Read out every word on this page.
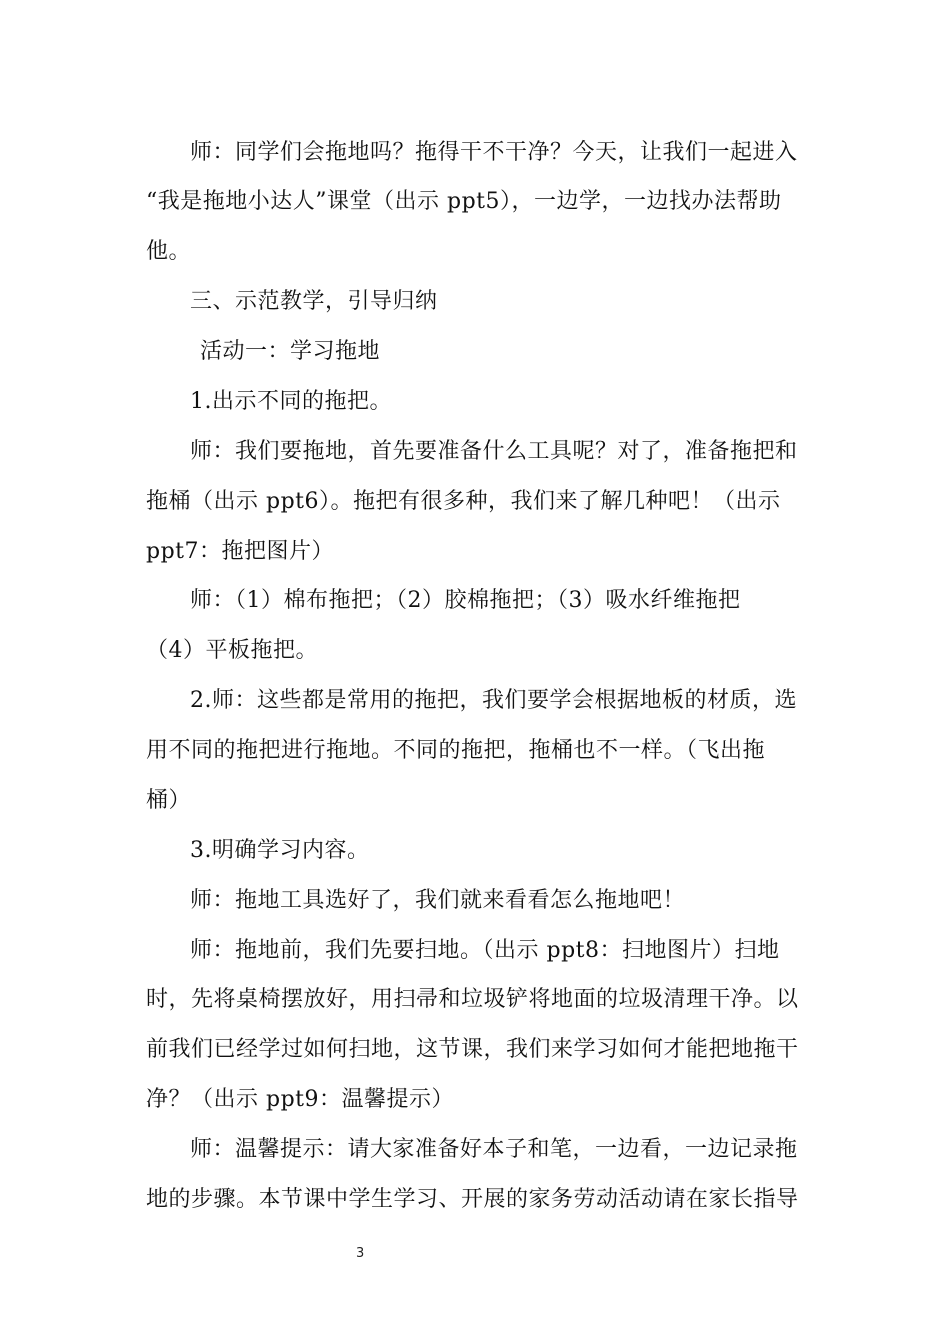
师：同学们会拖地吗？拖得干不干净？今天，让我们一起进入
“我是拖地小达人”课堂（出示 ppt5），一边学，一边找办法帮助
他。
三、示范教学，引导归纳
活动一：学习拖地
1.出示不同的拖把。
师：我们要拖地，首先要准备什么工具呢？对了，准备拖把和
拖桶（出示 ppt6）。拖把有很多种，我们来了解几种吧！（出示
ppt7：拖把图片）
师：（1）棉布拖把；（2）胶棉拖把；（3）吸水纤维拖把
（4）平板拖把。
2.师：这些都是常用的拖把，我们要学会根据地板的材质，选
用不同的拖把进行拖地。不同的拖把，拖桶也不一样。（飞出拖
桶）
3.明确学习内容。
师：拖地工具选好了，我们就来看看怎么拖地吧！
师：拖地前，我们先要扫地。（出示 ppt8：扫地图片）扫地
时，先将桌椅摆放好，用扫帚和垃圾铲将地面的垃圾清理干净。以
前我们已经学过如何扫地，这节课，我们来学习如何才能把地拖干
净？（出示 ppt9：温馨提示）
师：温馨提示：请大家准备好本子和笔，一边看，一边记录拖
地的步骤。本节课中学生学习、开展的家务劳动活动请在家长指导
3
